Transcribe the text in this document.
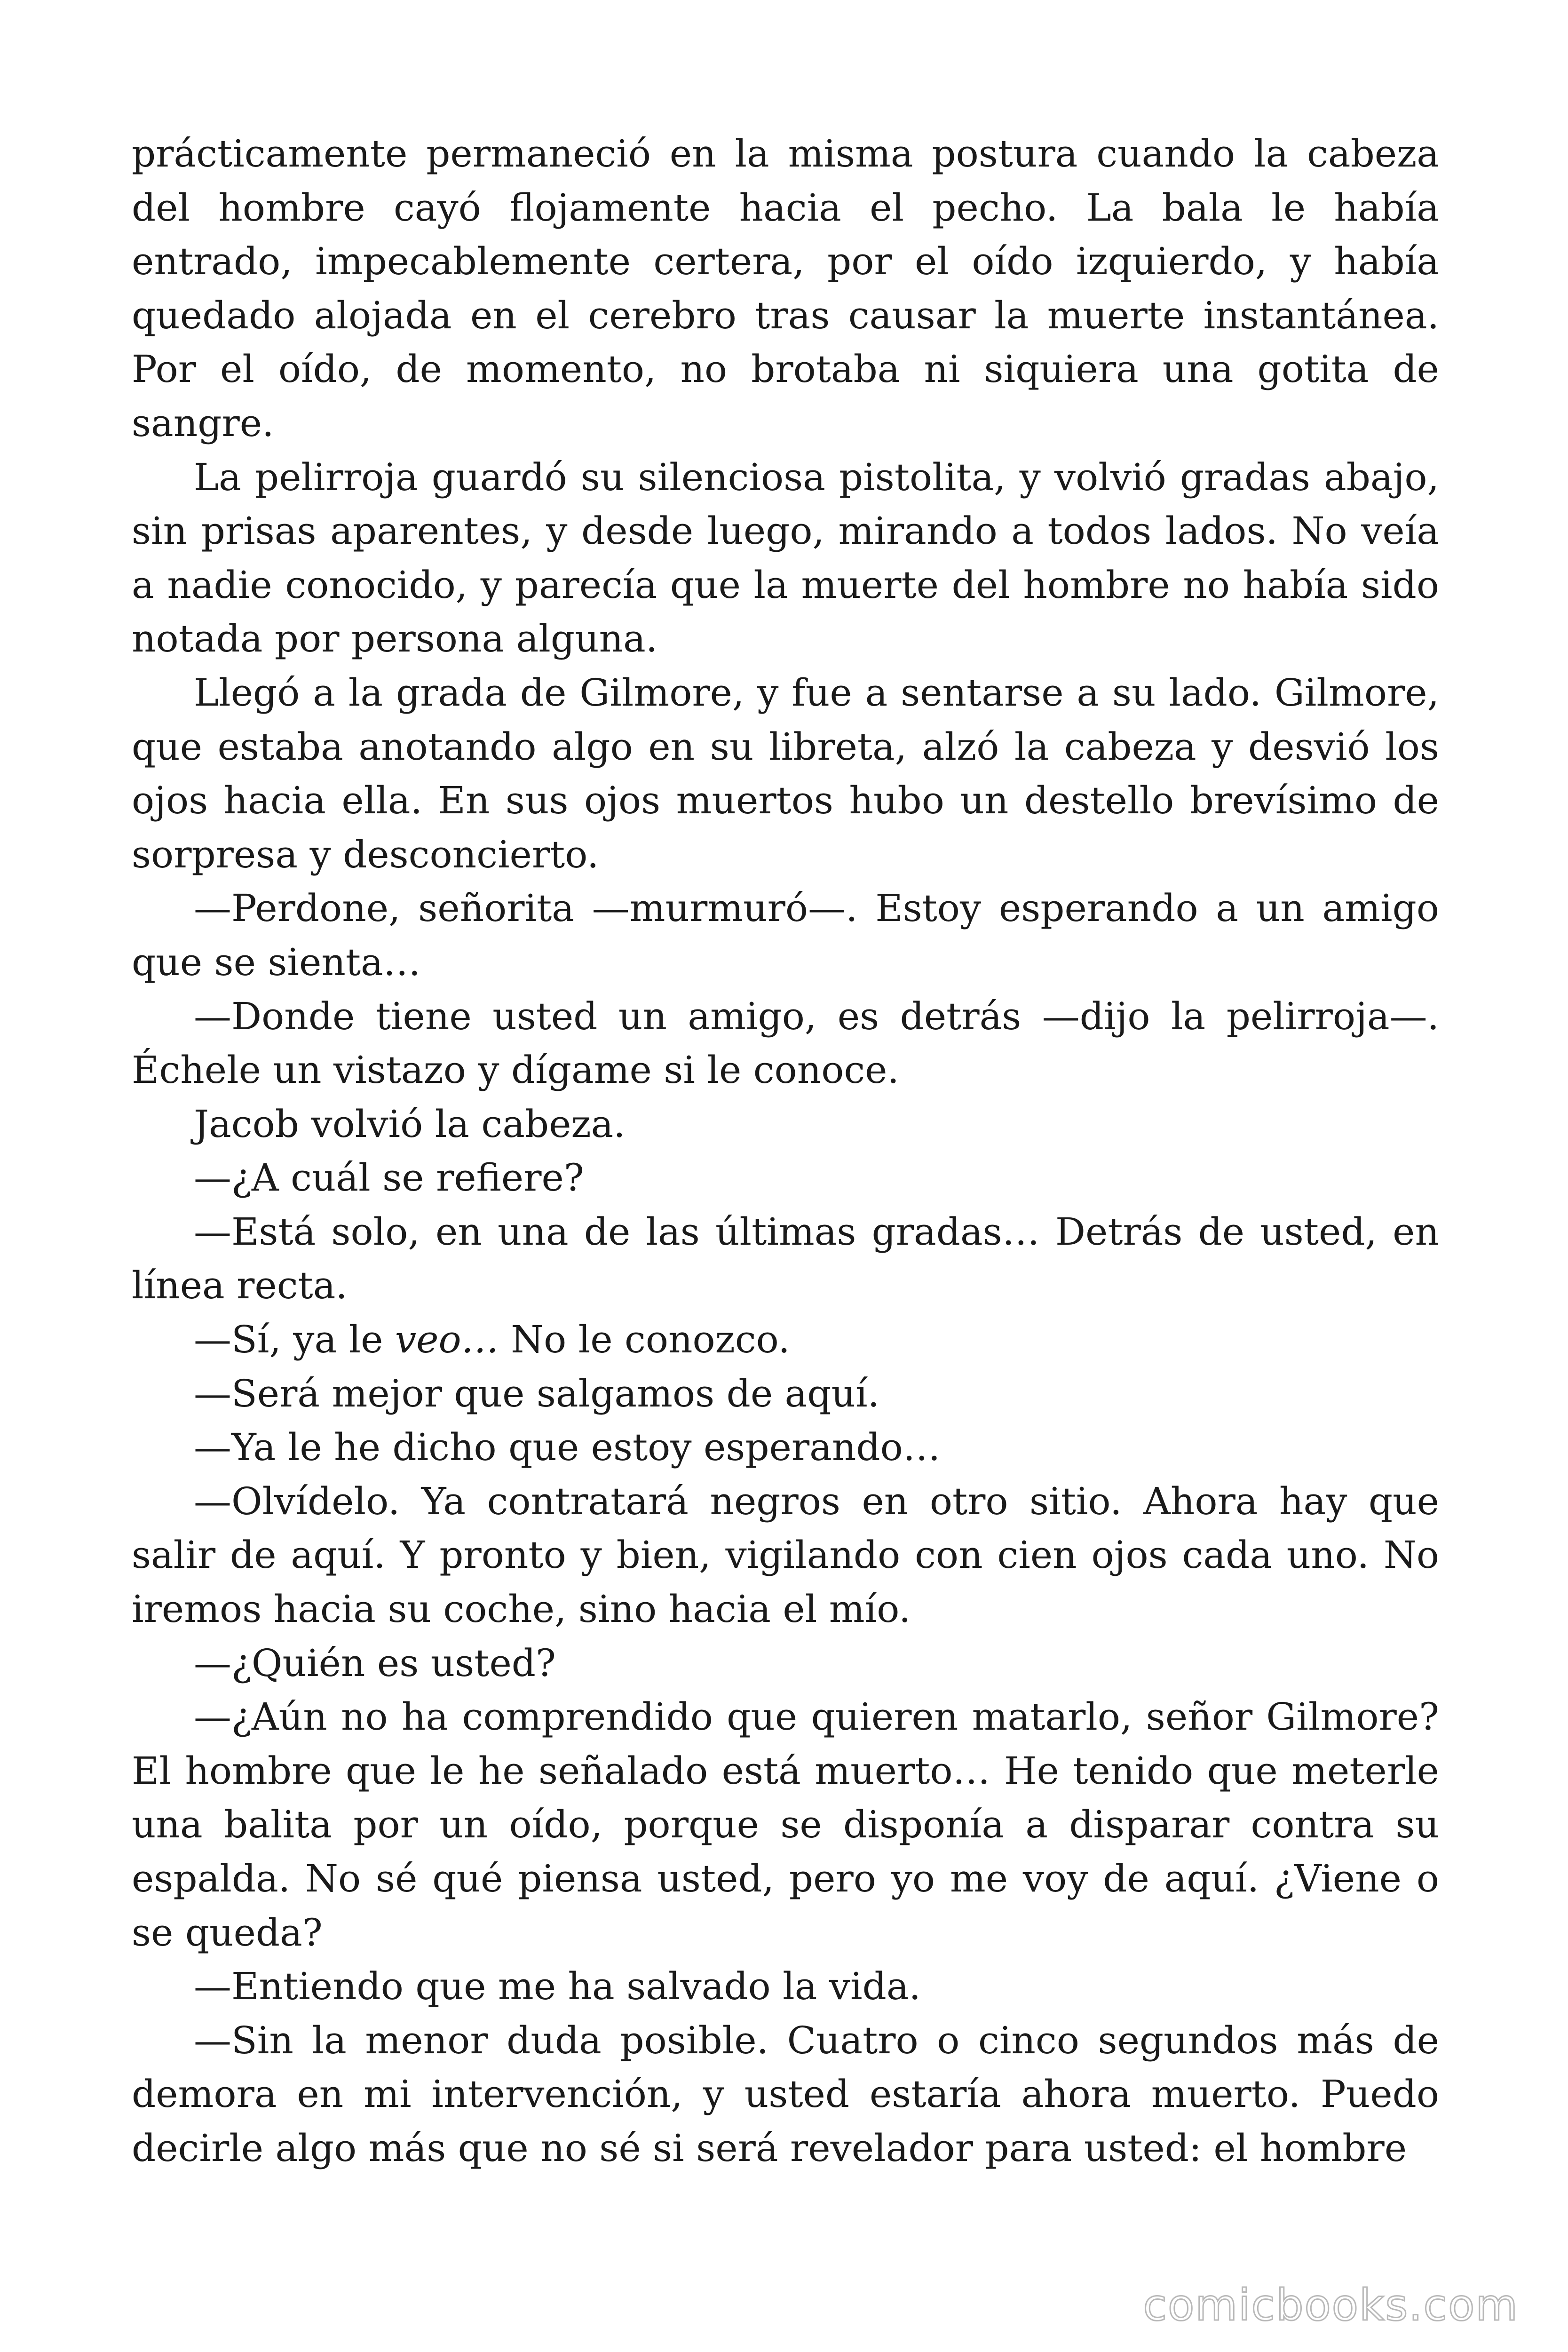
prácticamente permaneció en la misma postura cuando la cabeza del hombre cayó flojamente hacia el pecho. La bala le había entrado, impecablemente certera, por el oído izquierdo, y había quedado alojada en el cerebro tras causar la muerte instantánea. Por el oído, de momento, no brotaba ni siquiera una gotita de sangre.

La pelirroja guardó su silenciosa pistolita, y volvió gradas abajo, sin prisas aparentes, y desde luego, mirando a todos lados. No veía a nadie conocido, y parecía que la muerte del hombre no había sido notada por persona alguna.

Llegó a la grada de Gilmore, y fue a sentarse a su lado. Gilmore, que estaba anotando algo en su libreta, alzó la cabeza y desvió los ojos hacia ella. En sus ojos muertos hubo un destello brevísimo de sorpresa y desconcierto.

—Perdone, señorita —murmuró—. Estoy esperando a un amigo que se sienta…

—Donde tiene usted un amigo, es detrás —dijo la pelirroja—. Échele un vistazo y dígame si le conoce.

Jacob volvió la cabeza.

—¿A cuál se refiere?

—Está solo, en una de las últimas gradas… Detrás de usted, en línea recta.

—Sí, ya le veo… No le conozco.

—Será mejor que salgamos de aquí.

—Ya le he dicho que estoy esperando…

—Olvídelo. Ya contratará negros en otro sitio. Ahora hay que salir de aquí. Y pronto y bien, vigilando con cien ojos cada uno. No iremos hacia su coche, sino hacia el mío.

—¿Quién es usted?

—¿Aún no ha comprendido que quieren matarlo, señor Gilmore? El hombre que le he señalado está muerto… He tenido que meterle una balita por un oído, porque se disponía a disparar contra su espalda. No sé qué piensa usted, pero yo me voy de aquí. ¿Viene o se queda?

—Entiendo que me ha salvado la vida.

—Sin la menor duda posible. Cuatro o cinco segundos más de demora en mi intervención, y usted estaría ahora muerto. Puedo decirle algo más que no sé si será revelador para usted: el hombre

comicbooks.com
